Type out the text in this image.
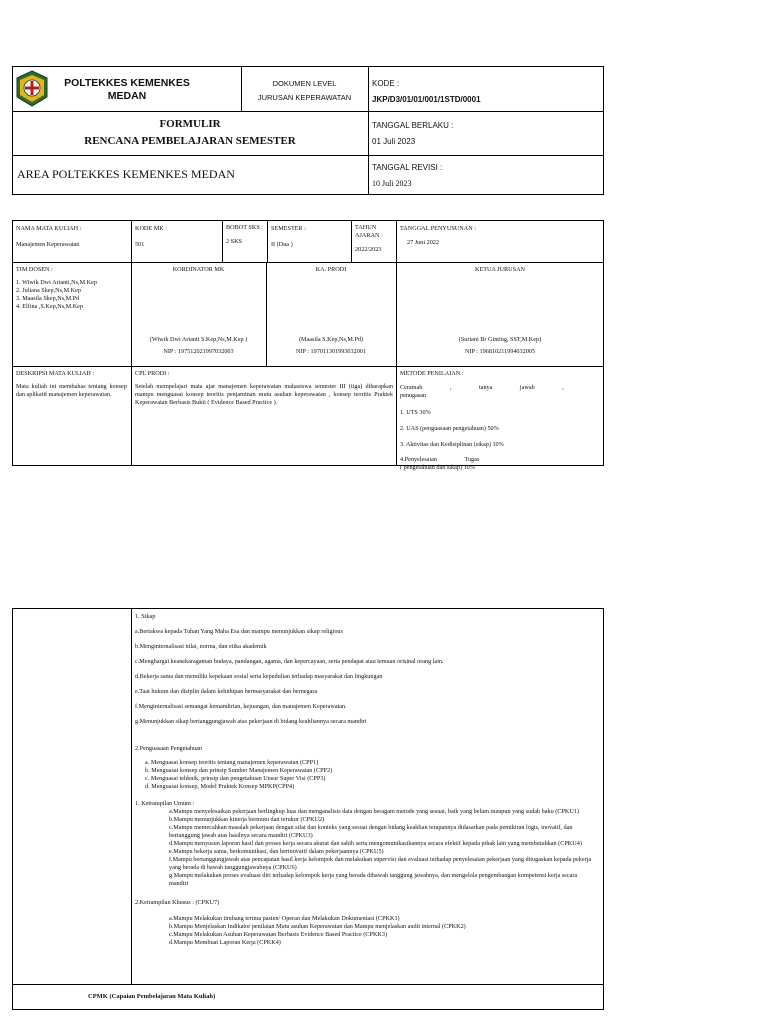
POLTEKKES KEMENKES
MEDAN
DOKUMEN LEVEL
JURUSAN KEPERAWATAN
KODE :
JKP/D3/01/01/001/1STD/0001
FORMULIR
RENCANA PEMBELAJARAN SEMESTER
TANGGAL BERLAKU :
01 Juli 2023
AREA POLTEKKES KEMENKES MEDAN	TANGGAL REVISI :
10 Juli 2023
NAMA MATA KULIAH :
Manajemen Keperawatan
KODE MK :
501
BOBOT SKS :
2 SKS
SEMESTER :
II (Dua )
TAHUN AJARAN :
2022/2023
TANGGAL PENYUSUNAN :
27 Juni 2022
TIM DOSEN :
1. Wiwik Dwi Arianti,Ns,M.Kep
2. Juliana Skep,Ns,M.Kep
3. Maasila Skep,Ns,M.Pd
4. Elfina ,S.Kep,Ns,M.Kep
KORDINATOR MK
(Wiwik Dwi Arianti S.Kep,Ns,M.Kep )
NIP : 197512021997032003
KA. PRODI
(Maasila S.Kep,Ns,M.Pd)
NIP : 197011301993032001
KETUA JURUSAN
(Suriani Br Ginting, SST,M.Kep)
NIP : 196810211994032005
DESKRIPSI MATA KULIAH :
Mata kuliah ini membahas tentang konsep dan aplikatif manajemen keperawatan.
CPL PRODI :
Setelah mempelajari mata ajar manajemen keperawatan mahasiswa semester III (tiga) diharapkan mampu menguasai konsep teoritis penjaminan mutu asuhan keperawatan , konsep teoritis Praktek Keperawatan Berbasis Bukti ( Evidence Based Practice ).
METODE PENILAIAN :
Ceramah , tanya jawab , penugasan
1. UTS 30%
2. UAS (penguasaan pengetahuan) 50%
3. Aktivitas dan Kedisiplinan (sikap) 10%
4.Penyelesaian Tugas
( pengetahuan dan sikap) 10%
1. Sikap
a.Bertakwa kepada Tuhan Yang Maha Esa dan mampu menunjukkan sikap religious
b.Menginternalisasi nilai, norma, dan etika akademik
c.Menghargai keanekaragaman budaya, pandangan, agama, dan kepercayaan, serta pendapat atau temuan orisinal orang lain.
d.Bekerja sama dan memiliki kepekaan sosial serta kepedulian terhadap masyarakat dan lingkungan
e.Taat hukum dan disiplin dalam kehidupan bermasyarakat dan bernegara
f.Menginternalisasi semangat kemandirian, kejuangan, dan manajemen Keperawatan.
g.Menunjukkan sikap bertanggungjawab atas pekerjaan di bidang keahliannya secara mandiri
2.Penguasaan Pengetahuan
a. Menguasai konsep teoritis tentang manajemen keperawatan (CPP1)
b. Menguasai konsep dan prinsip Sumber Manajemen Keperawatan (CPP2)
c. Menguasai tehknik, prinsip dan pengetahuan Unsur Super Visi (CPP3)
d. Menguasai konsep, Model Praktek Konsep MPKP(CPP4)
1. Ketrampilan Umum :
a.Mampu menyelesaikan pekerjaan berlingkup luas dan menganalisis data dengan beragam metode yang sesuai, baik yang belum maupun yang sudah baku (CPKU1)
b.Mampu menunjukkan kinerja bermutu dan terukur (CPKU2)
c.Mampu memecahkan masalah pekerjaan dengan sifat dan konteks yang sesuai dengan bidang keahlian terapannya didasarkan pada pemikiran logis, inovatif, dan bertanggung jawab atas hasilnya secara mandiri (CPKU3)
d.Mampu menyusun laporan hasil dan proses kerja secara akurat dan sahih serta mengomunikasikannya secara efektif kepada pihak lain yang membutuhkan (CPKU4)
e.Mampu bekerja sama, berkomunikasi, dan berinovatif dalam pekerjaannya (CPKU5)
f.Mampu bertanggungjawab atas pencapaian hasil kerja kelompok dan melakukan supervisi dan evaluasi terhadap penyelesaian pekerjaan yang ditugaskan kepada pekerja yang berada di bawah tanggungjawabnya (CPKU6)
g.Mampu melakukan proses evaluasi diri terhadap kelompok kerja yang berada dibawah tanggung jawabnya, dan mengelola pengembangan kompetensi kerja secara mandiri
2.Ketrampilan Khusus : (CPKU7)
a.Mampu Melakukan timbang terima pasien/ Operan dan Melakukan Dokumentasi (CPKK1)
b.Mampu Menjelaskan Indikator penilaian Mutu asuhan Keperawatan dan Mampu menjelaskan audit internal (CPKK2)
c.Mampu Melakukan Asuhan Keperawatan Berbasis Evidence Based Practice (CPKK3)
d.Mampu Membuat Laporan Kerja (CPKK4)
CPMK (Capaian Pembelajaran Mata Kuliah)
